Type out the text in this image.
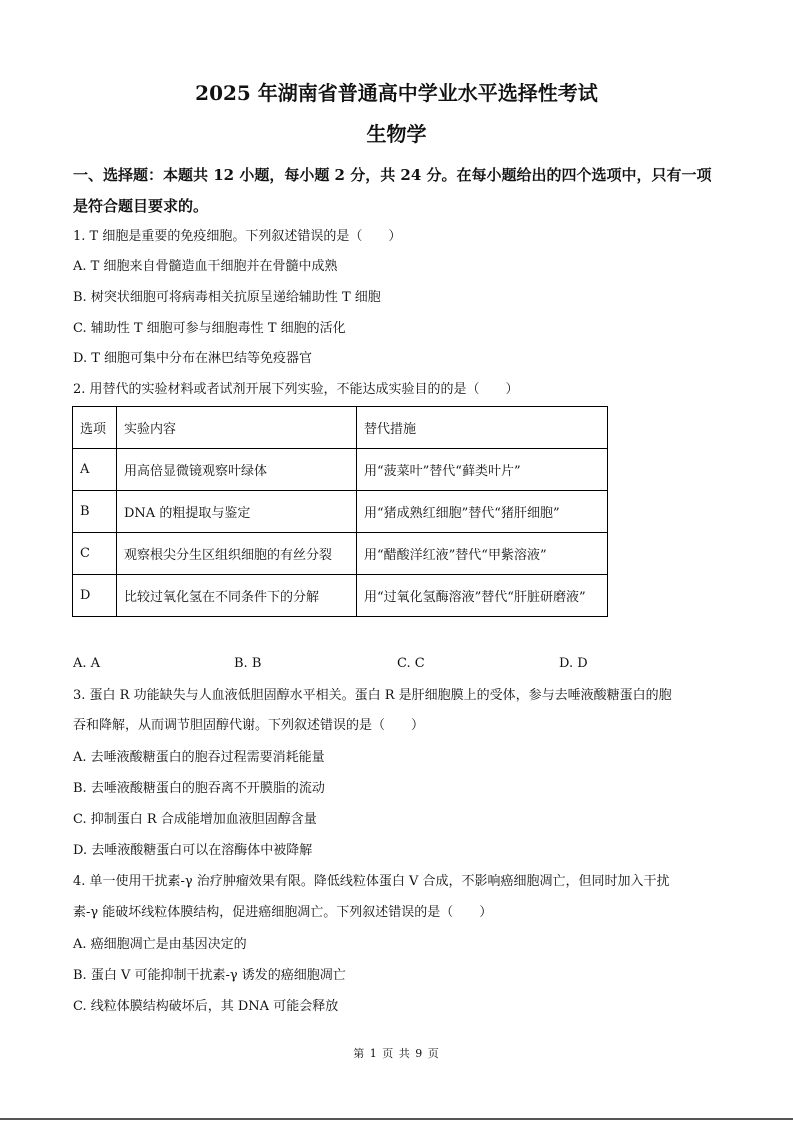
2025 年湖南省普通高中学业水平选择性考试
生物学
一、选择题：本题共 12 小题，每小题 2 分，共 24 分。在每小题给出的四个选项中，只有一项是符合题目要求的。
1. T 细胞是重要的免疫细胞。下列叙述错误的是（　　）
A. T 细胞来自骨髓造血干细胞并在骨髓中成熟
B. 树突状细胞可将病毒相关抗原呈递给辅助性 T 细胞
C. 辅助性 T 细胞可参与细胞毒性 T 细胞的活化
D. T 细胞可集中分布在淋巴结等免疫器官
2. 用替代的实验材料或者试剂开展下列实验，不能达成实验目的的是（　　）
选项	实验内容	替代措施
A	用高倍显微镜观察叶绿体	用“菠菜叶”替代“藓类叶片”
B	DNA 的粗提取与鉴定	用“猪成熟红细胞”替代“猪肝细胞”
C	观察根尖分生区组织细胞的有丝分裂	用“醋酸洋红液”替代“甲紫溶液”
D	比较过氧化氢在不同条件下的分解	用“过氧化氢酶溶液”替代“肝脏研磨液”
A. A	B. B	C. C	D. D
3. 蛋白 R 功能缺失与人血液低胆固醇水平相关。蛋白 R 是肝细胞膜上的受体，参与去唾液酸糖蛋白的胞
吞和降解，从而调节胆固醇代谢。下列叙述错误的是（　　）
A. 去唾液酸糖蛋白的胞吞过程需要消耗能量
B. 去唾液酸糖蛋白的胞吞离不开膜脂的流动
C. 抑制蛋白 R 合成能增加血液胆固醇含量
D. 去唾液酸糖蛋白可以在溶酶体中被降解
4. 单一使用干扰素-γ 治疗肿瘤效果有限。降低线粒体蛋白 V 合成，不影响癌细胞凋亡，但同时加入干扰
素-γ 能破坏线粒体膜结构，促进癌细胞凋亡。下列叙述错误的是（　　）
A. 癌细胞凋亡是由基因决定的
B. 蛋白 V 可能抑制干扰素-γ 诱发的癌细胞凋亡
C. 线粒体膜结构破坏后，其 DNA 可能会释放
第 1 页 共 9 页
